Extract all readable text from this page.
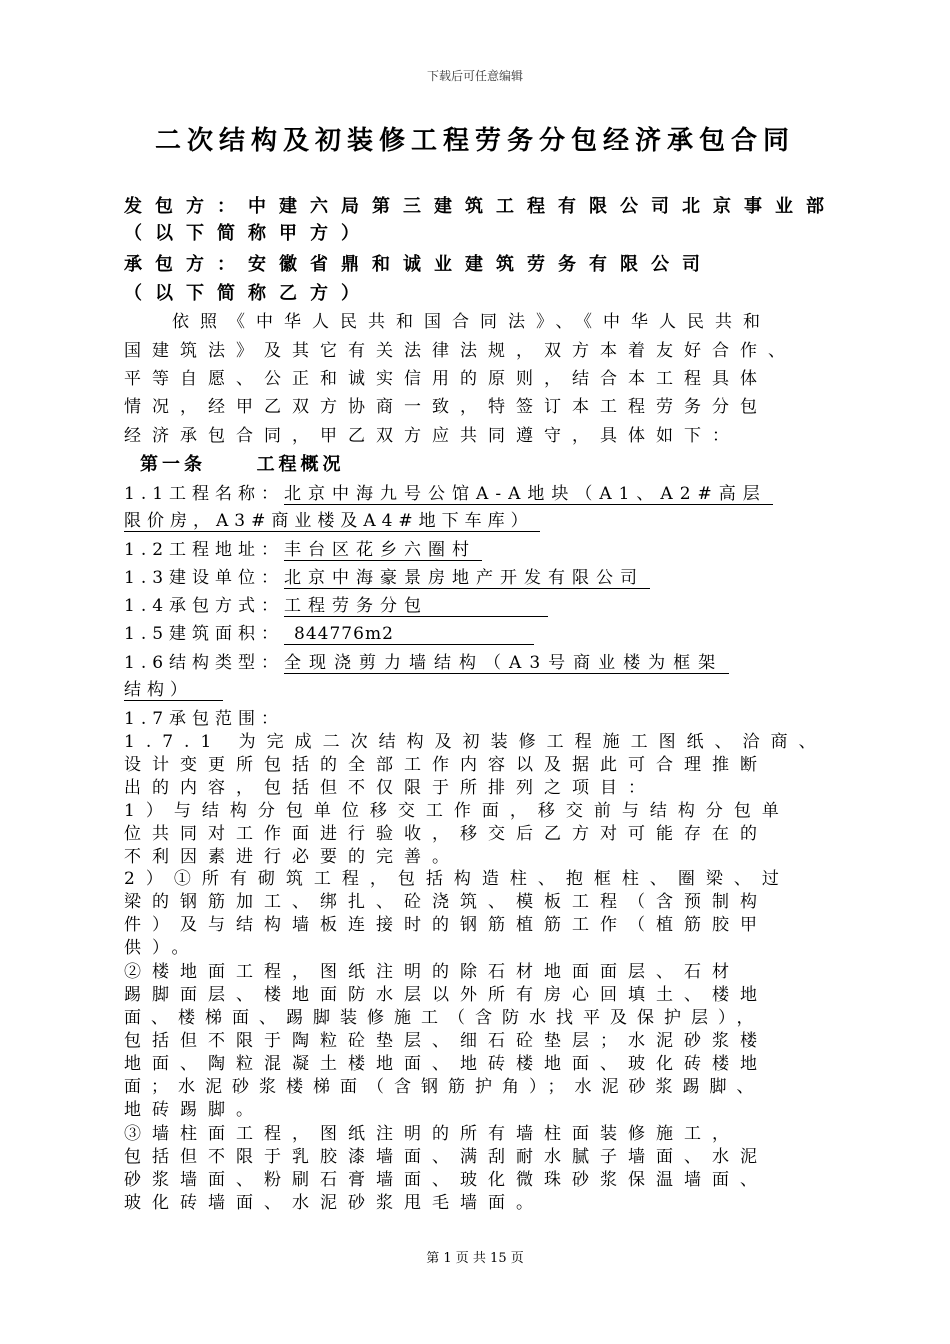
下载后可任意编辑
二次结构及初装修工程劳务分包经济承包合同
发包方：中建六局第三建筑工程有限公司北京事业部
（以下简称甲方）
承包方：安徽省鼎和诚业建筑劳务有限公司
（以下简称乙方）
依照《中华人民共和国合同法》、《中华人民共和
国建筑法》及其它有关法律法规，双方本着友好合作、
平等自愿、公正和诚实信用的原则，结合本工程具体
情况，经甲乙双方协商一致，特签订本工程劳务分包
经济承包合同，甲乙双方应共同遵守，具体如下：
第一条	工程概况
1.1工程名称：北京中海九号公馆A-A地块（A1、A2#高层
限价房，A3#商业楼及A4#地下车库）
1.2工程地址：丰台区花乡六圈村
1.3建设单位：北京中海豪景房地产开发有限公司
1.4承包方式：工程劳务分包
1.5建筑面积： 844776m2
1.6结构类型：全现浇剪力墙结构（A3号商业楼为框架
结构）
1.7承包范围：
1.7.1 为完成二次结构及初装修工程施工图纸、洽商、
设计变更所包括的全部工作内容以及据此可合理推断
出的内容，包括但不仅限于所排列之项目：
1）与结构分包单位移交工作面，移交前与结构分包单
位共同对工作面进行验收，移交后乙方对可能存在的
不利因素进行必要的完善。
2）①所有砌筑工程，包括构造柱、抱框柱、圈梁、过
梁的钢筋加工、绑扎、砼浇筑、模板工程（含预制构
件）及与结构墙板连接时的钢筋植筋工作（植筋胶甲
供）。
②楼地面工程，图纸注明的除石材地面面层、石材
踢脚面层、楼地面防水层以外所有房心回填土、楼地
面、楼梯面、踢脚装修施工（含防水找平及保护层），
包括但不限于陶粒砼垫层、细石砼垫层；水泥砂浆楼
地面、陶粒混凝土楼地面、地砖楼地面、玻化砖楼地
面；水泥砂浆楼梯面（含钢筋护角）；水泥砂浆踢脚、
地砖踢脚。
③墙柱面工程，图纸注明的所有墙柱面装修施工，
包括但不限于乳胶漆墙面、满刮耐水腻子墙面、水泥
砂浆墙面、粉刷石膏墙面、玻化微珠砂浆保温墙面、
玻化砖墙面、水泥砂浆甩毛墙面。
第 1 页 共 15 页
